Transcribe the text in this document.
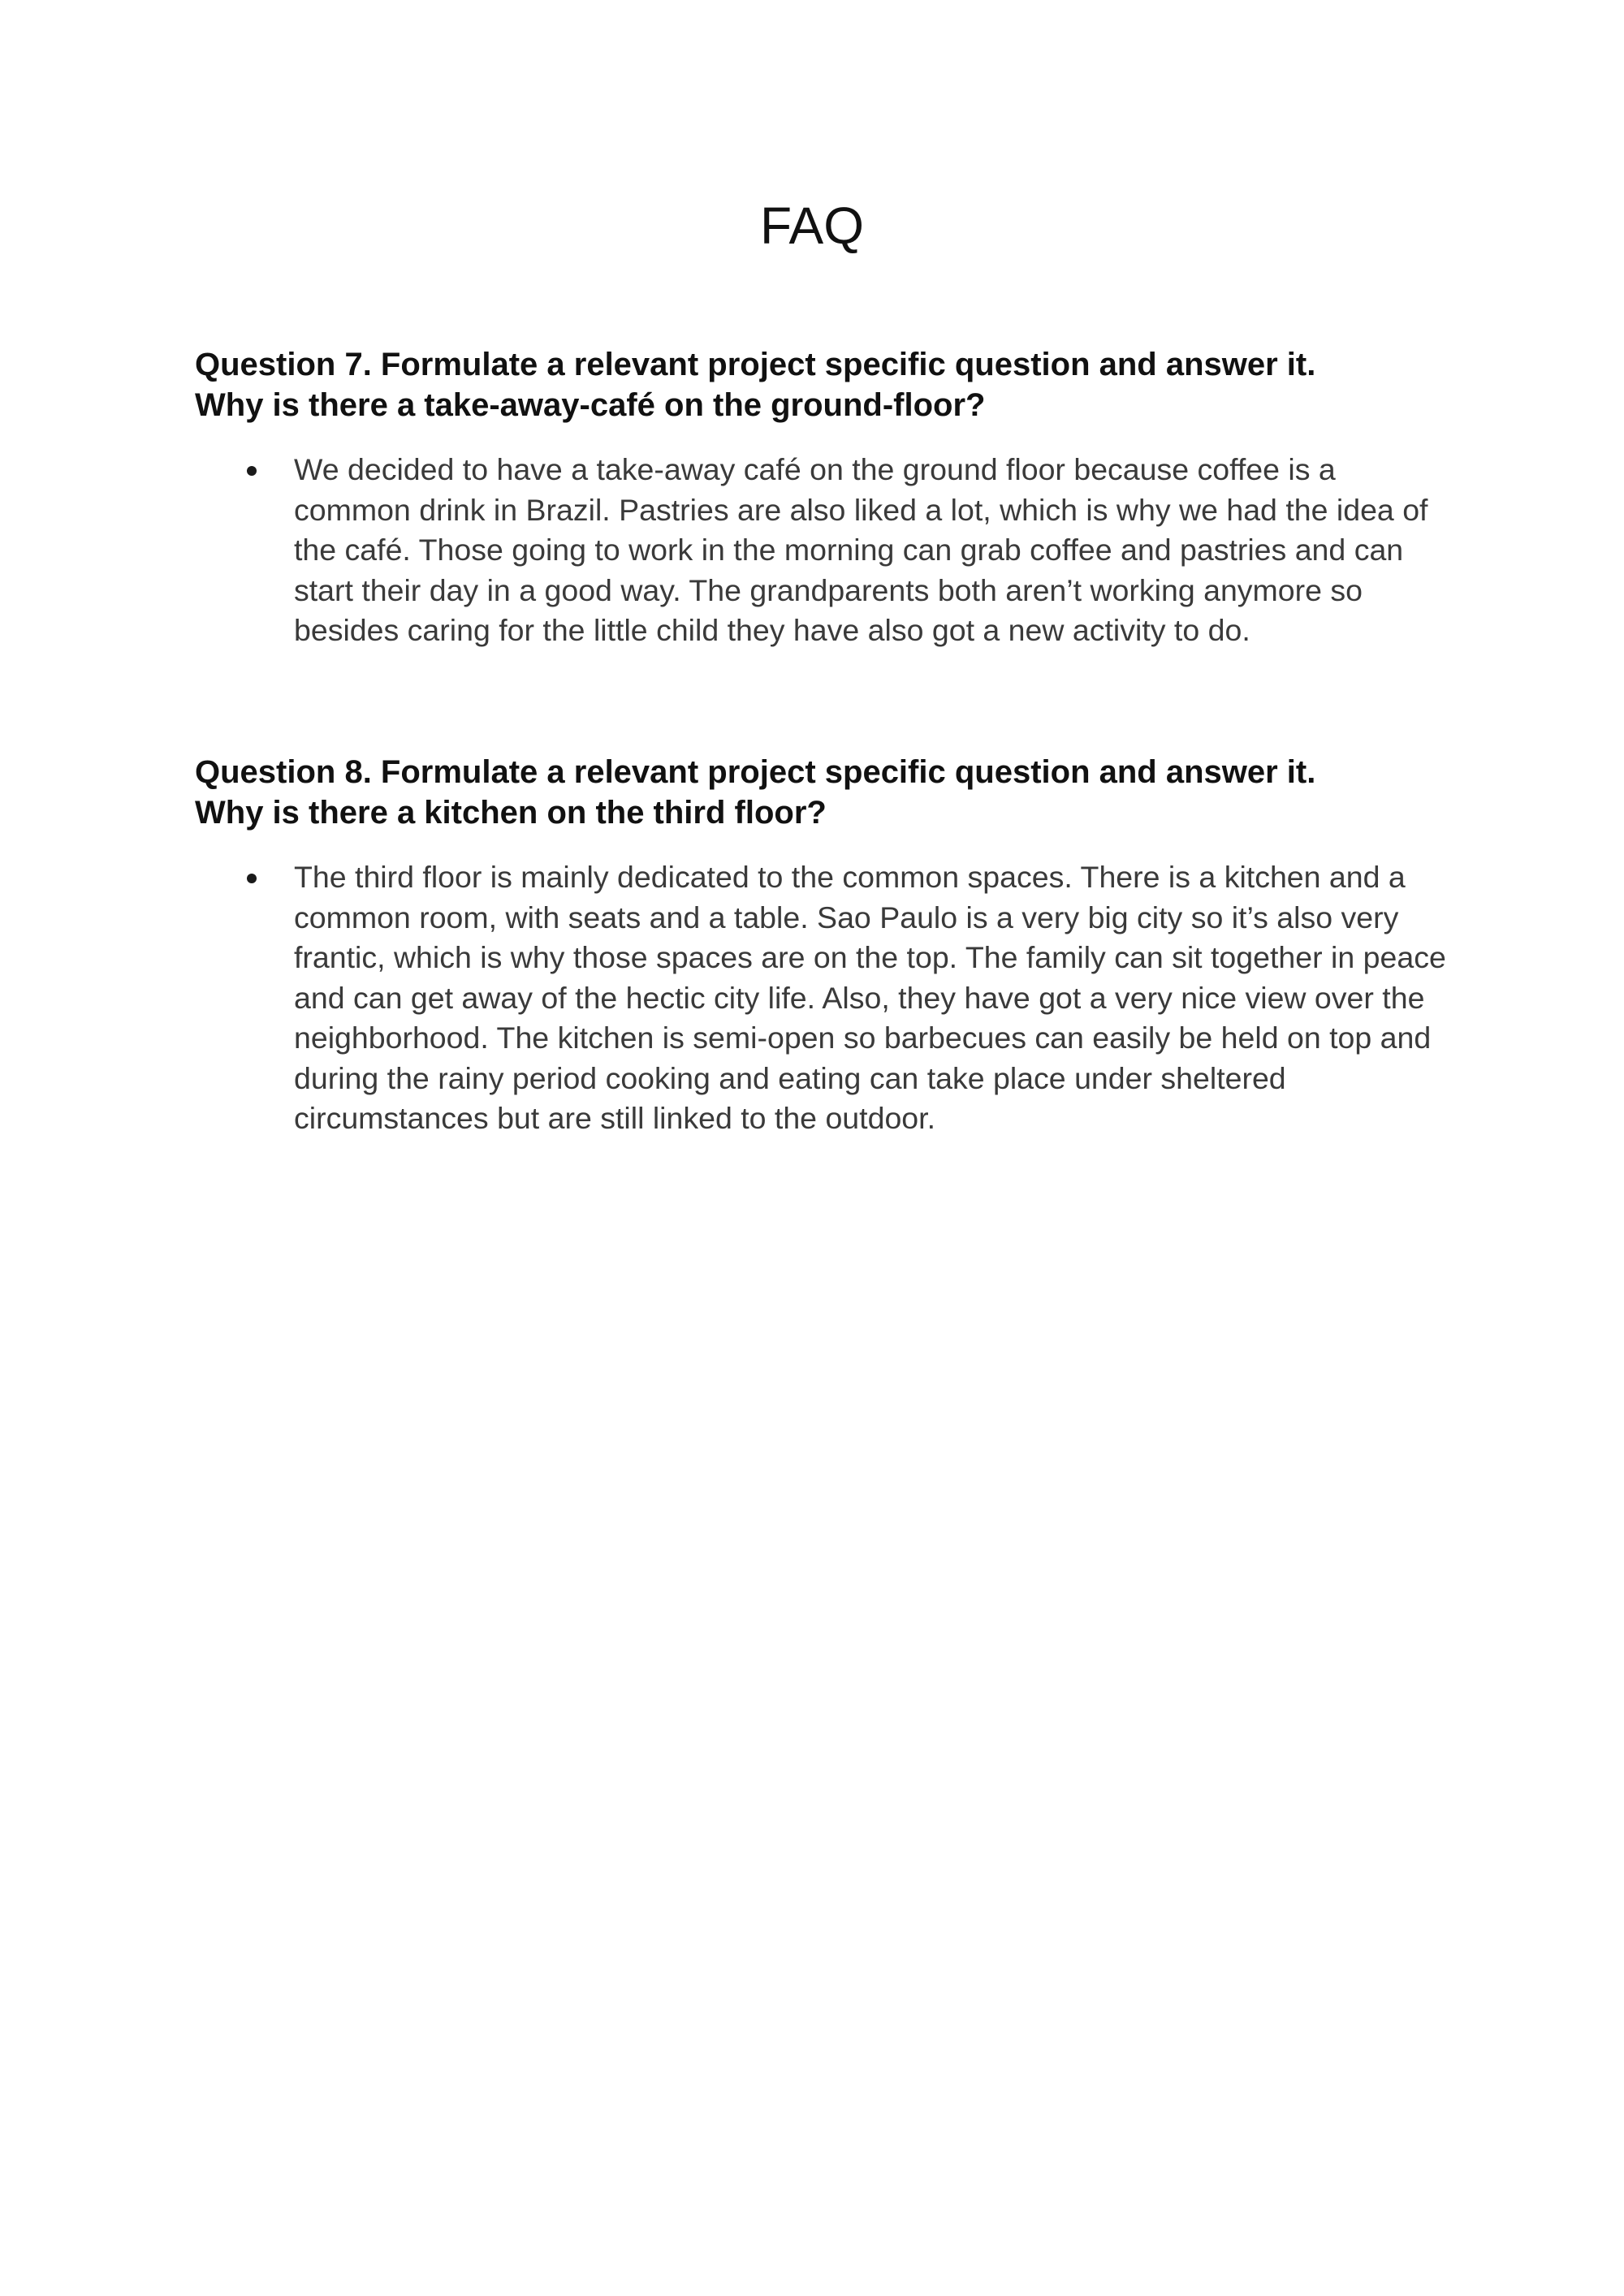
FAQ
Question 7. Formulate a relevant project specific question and answer it.
Why is there a take-away-café on the ground-floor?
We decided to have a take-away café on the ground floor because coffee is a common drink in Brazil. Pastries are also liked a lot, which is why we had the idea of the café. Those going to work in the morning can grab coffee and pastries and can start their day in a good way. The grandparents both aren’t working anymore so besides caring for the little child they have also got a new activity to do.
Question 8. Formulate a relevant project specific question and answer it.
Why is there a kitchen on the third floor?
The third floor is mainly dedicated to the common spaces. There is a kitchen and a common room, with seats and a table. Sao Paulo is a very big city so it’s also very frantic, which is why those spaces are on the top. The family can sit together in peace and can get away of the hectic city life. Also, they have got a very nice view over the neighborhood. The kitchen is semi-open so barbecues can easily be held on top and during the rainy period cooking and eating can take place under sheltered circumstances but are still linked to the outdoor.
